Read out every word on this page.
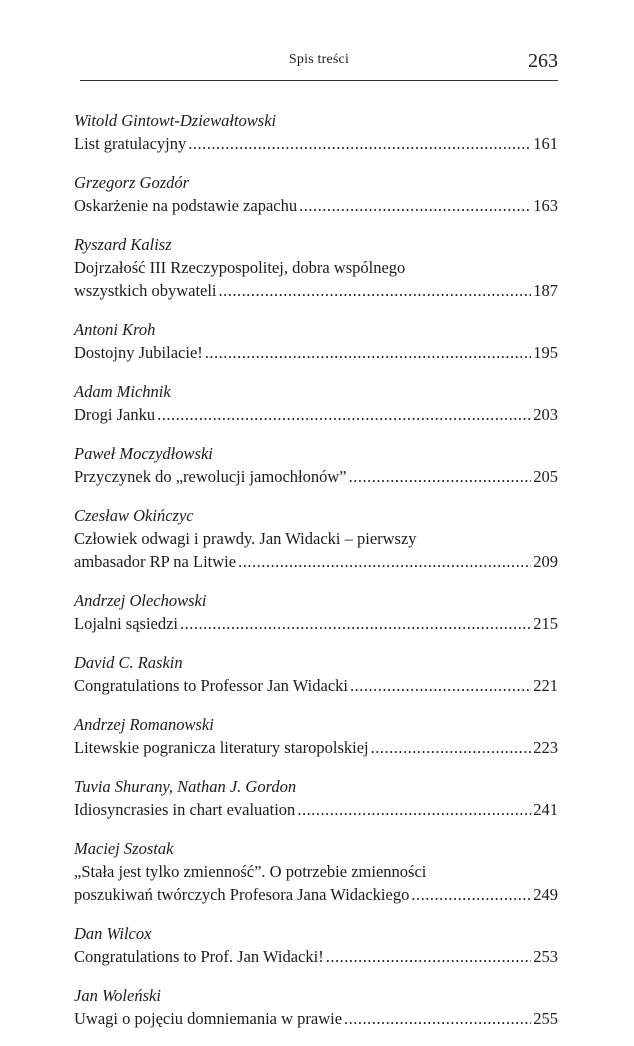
Spis treści	263
Witold Gintowt-Dziewałtowski
List gratulacyjny .....	161
Grzegorz Gozdór
Oskarżenie na podstawie zapachu .....	163
Ryszard Kalisz
Dojrzałość III Rzeczypospolitej, dobra wspólnego
wszystkich obywateli .....	187
Antoni Kroh
Dostojny Jubilacie! .....	195
Adam Michnik
Drogi Janku .....	203
Paweł Moczydłowski
Przyczynek do „rewolucji jamochłonów” .....	205
Czesław Okińczyc
Człowiek odwagi i prawdy. Jan Widacki – pierwszy
ambasador RP na Litwie .....	209
Andrzej Olechowski
Lojalni sąsiedzi .....	215
David C. Raskin
Congratulations to Professor Jan Widacki .....	221
Andrzej Romanowski
Litewskie pogranicza literatury staropolskiej .....	223
Tuvia Shurany, Nathan J. Gordon
Idiosyncrasies in chart evaluation .....	241
Maciej Szostak
„Stała jest tylko zmienność”. O potrzebie zmienności
poszukiwań twórczych Profesora Jana Widackiego .....	249
Dan Wilcox
Congratulations to Prof. Jan Widacki! .....	253
Jan Woleński
Uwagi o pojęciu domniemania w prawie .....	255
